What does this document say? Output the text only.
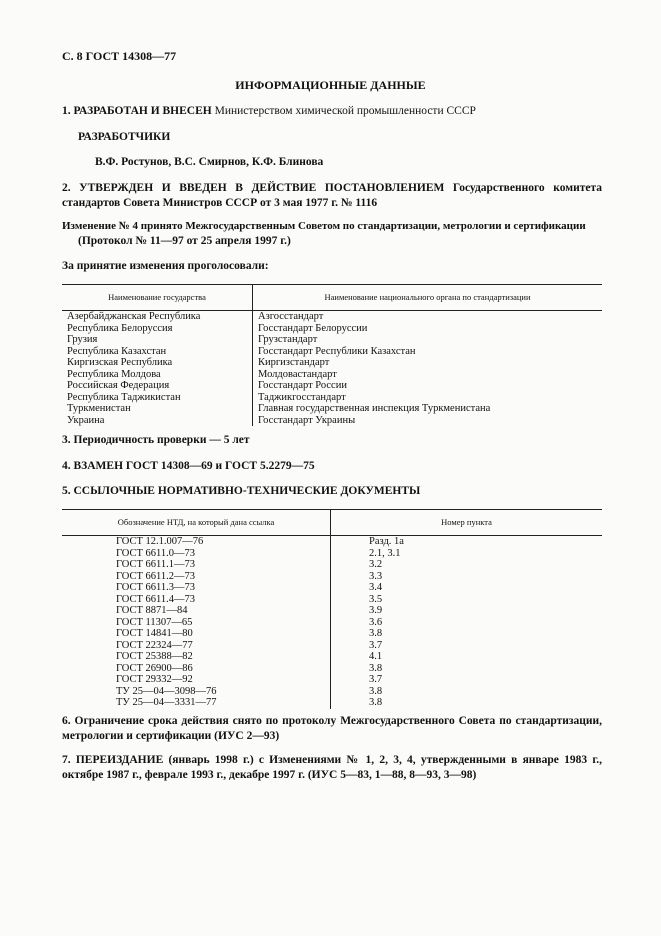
С. 8 ГОСТ 14308—77
ИНФОРМАЦИОННЫЕ ДАННЫЕ
1. РАЗРАБОТАН И ВНЕСЕН Министерством химической промышленности СССР
РАЗРАБОТЧИКИ
В.Ф. Ростунов, В.С. Смирнов, К.Ф. Блинова
2. УТВЕРЖДЕН И ВВЕДЕН В ДЕЙСТВИЕ ПОСТАНОВЛЕНИЕМ Государственного комитета стандартов Совета Министров СССР от 3 мая 1977 г. № 1116
Изменение № 4 принято Межгосударственным Советом по стандартизации, метрологии и сертификации
(Протокол № 11—97 от 25 апреля 1997 г.)
За принятие изменения проголосовали:
Наименование государства	Наименование национального органа по стандартизации
Азербайджанская Республика	Азгосстандарт
Республика Белоруссия	Госстандарт Белоруссии
Грузия	Грузстандарт
Республика Казахстан	Госстандарт Республики Казахстан
Киргизская Республика	Киргизстандарт
Республика Молдова	Молдовастандарт
Российская Федерация	Госстандарт России
Республика Таджикистан	Таджикгосстандарт
Туркменистан	Главная государственная инспекция Туркменистана
Украина	Госстандарт Украины
3. Периодичность проверки — 5 лет
4. ВЗАМЕН ГОСТ 14308—69 и ГОСТ 5.2279—75
5. ССЫЛОЧНЫЕ НОРМАТИВНО-ТЕХНИЧЕСКИЕ ДОКУМЕНТЫ
Обозначение НТД, на который дана ссылка	Номер пункта
ГОСТ 12.1.007—76	Разд. 1а
ГОСТ 6611.0—73	2.1, 3.1
ГОСТ 6611.1—73	3.2
ГОСТ 6611.2—73	3.3
ГОСТ 6611.3—73	3.4
ГОСТ 6611.4—73	3.5
ГОСТ 8871—84	3.9
ГОСТ 11307—65	3.6
ГОСТ 14841—80	3.8
ГОСТ 22324—77	3.7
ГОСТ 25388—82	4.1
ГОСТ 26900—86	3.8
ГОСТ 29332—92	3.7
ТУ 25—04—3098—76	3.8
ТУ 25—04—3331—77	3.8
6. Ограничение срока действия снято по протоколу Межгосударственного Совета по стандартизации, метрологии и сертификации (ИУС 2—93)
7. ПЕРЕИЗДАНИЕ (январь 1998 г.) с Изменениями № 1, 2, 3, 4, утвержденными в январе 1983 г., октябре 1987 г., феврале 1993 г., декабре 1997 г. (ИУС 5—83, 1—88, 8—93, 3—98)
